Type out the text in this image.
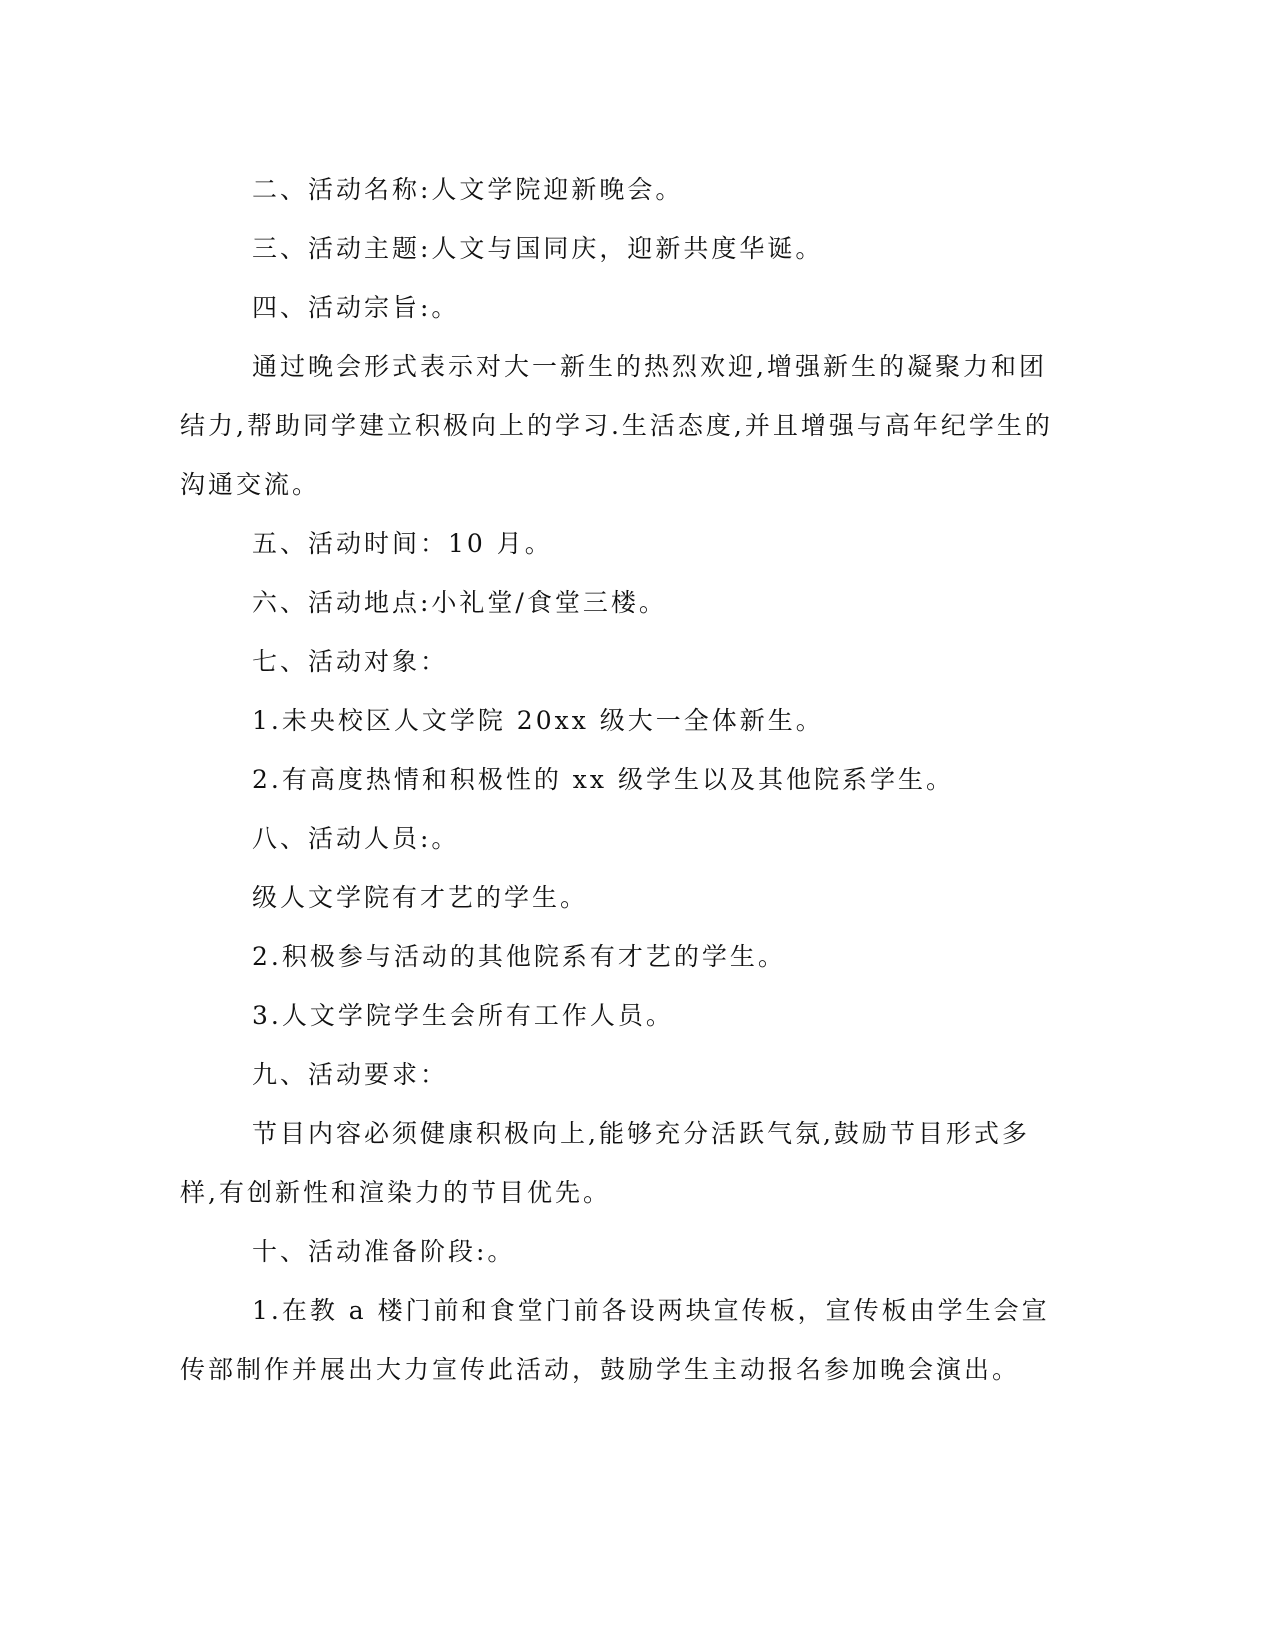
二、活动名称:人文学院迎新晚会。
三、活动主题:人文与国同庆，迎新共度华诞。
四、活动宗旨:。
通过晚会形式表示对大一新生的热烈欢迎,增强新生的凝聚力和团
结力,帮助同学建立积极向上的学习.生活态度,并且增强与高年纪学生的
沟通交流。
五、活动时间：10 月。
六、活动地点:小礼堂/食堂三楼。
七、活动对象：
1.未央校区人文学院 20xx 级大一全体新生。
2.有高度热情和积极性的 xx 级学生以及其他院系学生。
八、活动人员:。
级人文学院有才艺的学生。
2.积极参与活动的其他院系有才艺的学生。
3.人文学院学生会所有工作人员。
九、活动要求：
节目内容必须健康积极向上,能够充分活跃气氛,鼓励节目形式多
样,有创新性和渲染力的节目优先。
十、活动准备阶段:。
1.在教 a 楼门前和食堂门前各设两块宣传板，宣传板由学生会宣
传部制作并展出大力宣传此活动，鼓励学生主动报名参加晚会演出。
